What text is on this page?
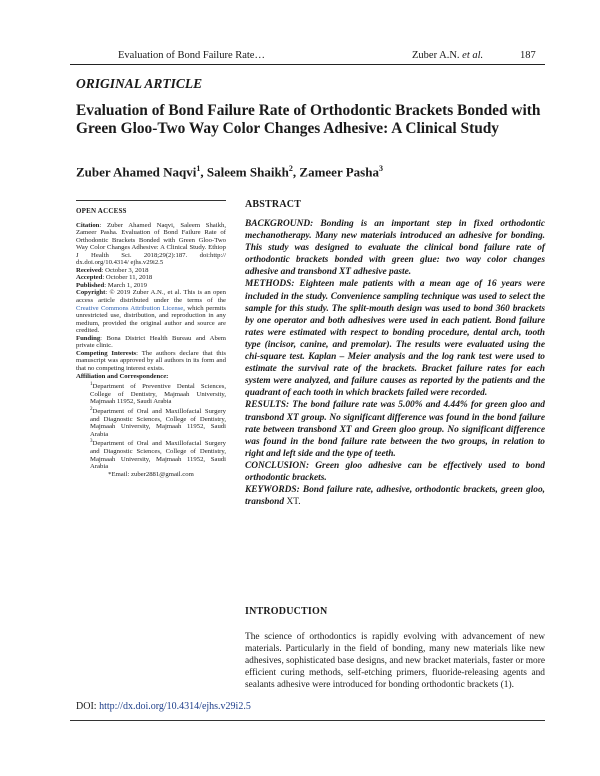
Evaluation of Bond Failure Rate…	Zuber A.N. et al.	187
ORIGINAL ARTICLE
Evaluation of Bond Failure Rate of Orthodontic Brackets Bonded with Green Gloo-Two Way Color Changes Adhesive: A Clinical Study
Zuber Ahamed Naqvi$^1$, Saleem Shaikh$^2$, Zameer Pasha$^3$
OPEN ACCESS

Citation: Zuber Ahamed Naqvi, Saleem Shaikh, Zameer Pasha. Evaluation of Bond Failure Rate of Orthodontic Brackets Bonded with Green Gloo-Two Way Color Changes Adhesive: A Clinical Study. Ethiop J Health Sci. 2018;29(2):187. doi:http:// dx.doi.org/10.4314/ ejhs.v29i2.5

Received: October 3, 2018

Accepted: October 11, 2018

Published: March 1, 2019

Copyright: © 2019 Zuber A.N., et al. This is an open access article distributed under the terms of the Creative Commons Attribution License, which permits unrestricted use, distribution, and reproduction in any medium, provided the original author and source are credited.

Funding: Bona District Health Bureau and Abem private clinic.

Competing Interests: The authors declare that this manuscript was approved by all authors in its form and that no competing interest exists.

Affiliation and Correspondence:
$^1$Department of Preventive Dental Sciences, College of Dentistry, Majmaah University, Majmaah 11952, Saudi Arabia
$^2$Department of Oral and Maxillofacial Surgery and Diagnostic Sciences, College of Dentistry, Majmaah University, Majmaah 11952, Saudi Arabia
$^3$Department of Oral and Maxillofacial Surgery and Diagnostic Sciences, College of Dentistry, Majmaah University, Majmaah 11952, Saudi Arabia
*Email: zuber2881@gmail.com
ABSTRACT

BACKGROUND: Bonding is an important step in fixed orthodontic mechanotherapy. Many new materials introduced an adhesive for bonding. This study was designed to evaluate the clinical bond failure rate of orthodontic brackets bonded with green glue: two way color changes adhesive and transbond XT adhesive paste.

METHODS: Eighteen male patients with a mean age of 16 years were included in the study. Convenience sampling technique was used to select the sample for this study. The split-mouth design was used to bond 360 brackets by one operator and both adhesives were used in each patient. Bond failure rates were estimated with respect to bonding procedure, dental arch, tooth type (incisor, canine, and premolar). The results were evaluated using the chi-square test. Kaplan – Meier analysis and the log rank test were used to estimate the survival rate of the brackets. Bracket failure rates for each system were analyzed, and failure causes as reported by the patients and the quadrant of each tooth in which brackets failed were recorded.

RESULTS: The bond failure rate was 5.00% and 4.44% for green gloo and transbond XT group. No significant difference was found in the bond failure rate between transbond XT and Green gloo group. No significant difference was found in the bond failure rate between the two groups, in relation to right and left side and the type of teeth.

CONCLUSION: Green gloo adhesive can be effectively used to bond orthodontic brackets.

KEYWORDS: Bond failure rate, adhesive, orthodontic brackets, green gloo, transbond XT.

INTRODUCTION

The science of orthodontics is rapidly evolving with advancement of new materials. Particularly in the field of bonding, many new materials like new adhesives, sophisticated base designs, and new bracket materials, faster or more efficient curing methods, self-etching primers, fluoride-releasing agents and sealants adhesive were introduced for bonding orthodontic brackets (1).

DOI: http://dx.doi.org/10.4314/ejhs.v29i2.5
